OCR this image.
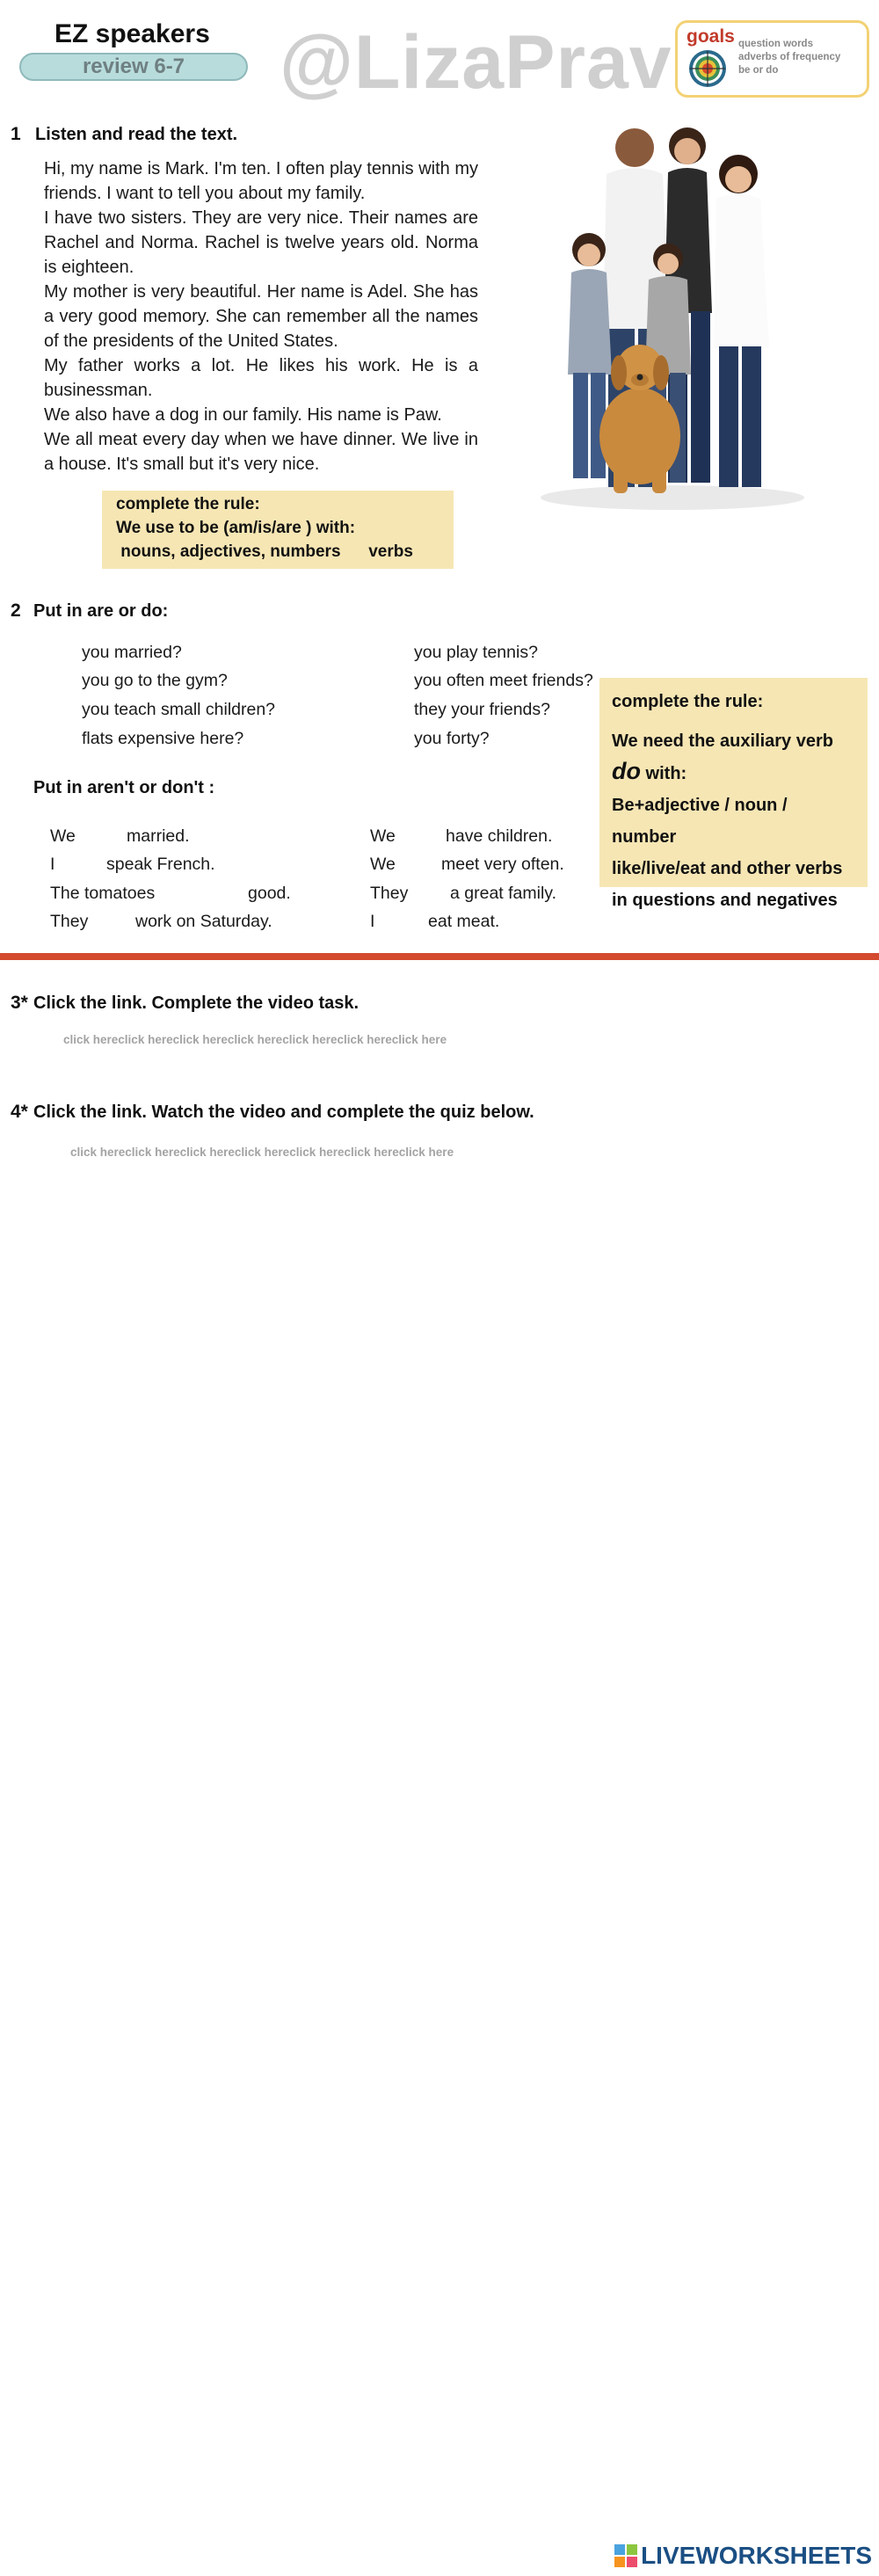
EZ speakers
review 6-7	@LizaPrav goals question words
adverbs of frequency
be or do
1 Listen and read the text.

Hi, my name is Mark. I'm ten. I often play tennis with my friends. I want to tell you about my family.

I have two sisters. They are very nice. Their names are Rachel and Norma. Rachel is twelve years old. Norma is eighteen.

My mother is very beautiful. Her name is Adel. She has a very good memory. She can remember all the names of the presidents of the United States.

My father works a lot. He likes his work. He is a businessman.

We also have a dog in our family. His name is Paw.

We all meat every day when we have dinner. We live in a house. It's small but it's very nice.

complete the rule:
We use to be (am/is/are ) with:
nouns, adjectives, numbers      verbs
2 Put in are or do:
you married?
you go to the gym?
you teach small children?
flats expensive here?
you play tennis?
you often meet friends?
they your friends?
you forty?
Put in aren't or don't :
We	married.
I	speak French.
The tomatoes	good.
They	work on Saturday.
We	have children.
We	meet very often.
They a great family.
I	eat meat.
complete the rule:
We need the auxiliary verb
do with:
Be+adjective / noun / number
like/live/eat and other verbs
in questions and negatives
3* Click the link. Complete the video task.
click hereclick hereclick hereclick hereclick hereclick hereclick here
4* Click the link. Watch the video and complete the quiz below.
click hereclick hereclick hereclick hereclick hereclick hereclick here
LIVEWORKSHEETS
